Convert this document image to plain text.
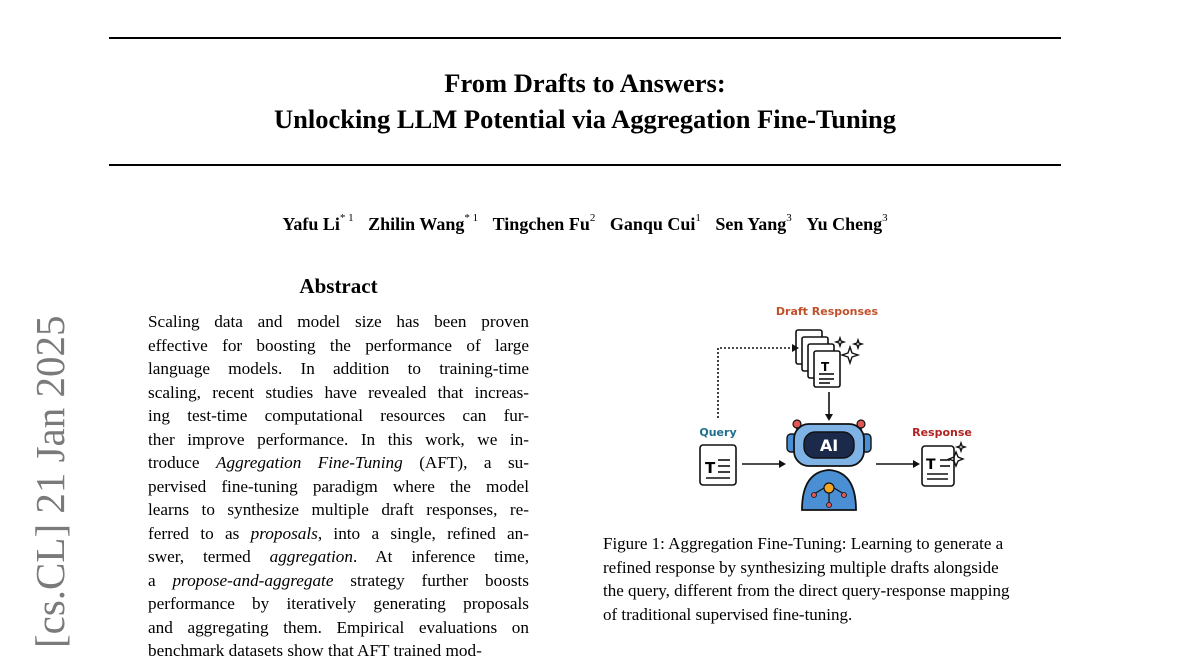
From Drafts to Answers:
Unlocking LLM Potential via Aggregation Fine-Tuning
Yafu Li$^{* 1}$ Zhilin Wang$^{* 1}$ Tingchen Fu$^2$ Ganqu Cui$^1$ Sen Yang$^3$ Yu Cheng$^3$
[cs.CL] 21 Jan 2025
Abstract
Scaling data and model size has been proven
effective for boosting the performance of large
language models. In addition to training-time
scaling, recent studies have revealed that increas-
ing test-time computational resources can fur-
ther improve performance. In this work, we in-
troduce Aggregation Fine-Tuning (AFT), a su-
pervised fine-tuning paradigm where the model
learns to synthesize multiple draft responses, re-
ferred to as proposals, into a single, refined an-
swer, termed aggregation. At inference time,
a propose-and-aggregate strategy further boosts
performance by iteratively generating proposals
and aggregating them. Empirical evaluations on
benchmark datasets show that AFT trained mod-
Draft Responses
T
Query
T
AI
Response
T
Figure 1: Aggregation Fine-Tuning: Learning to generate a
refined response by synthesizing multiple drafts alongside
the query, different from the direct query-response mapping
of traditional supervised fine-tuning.
